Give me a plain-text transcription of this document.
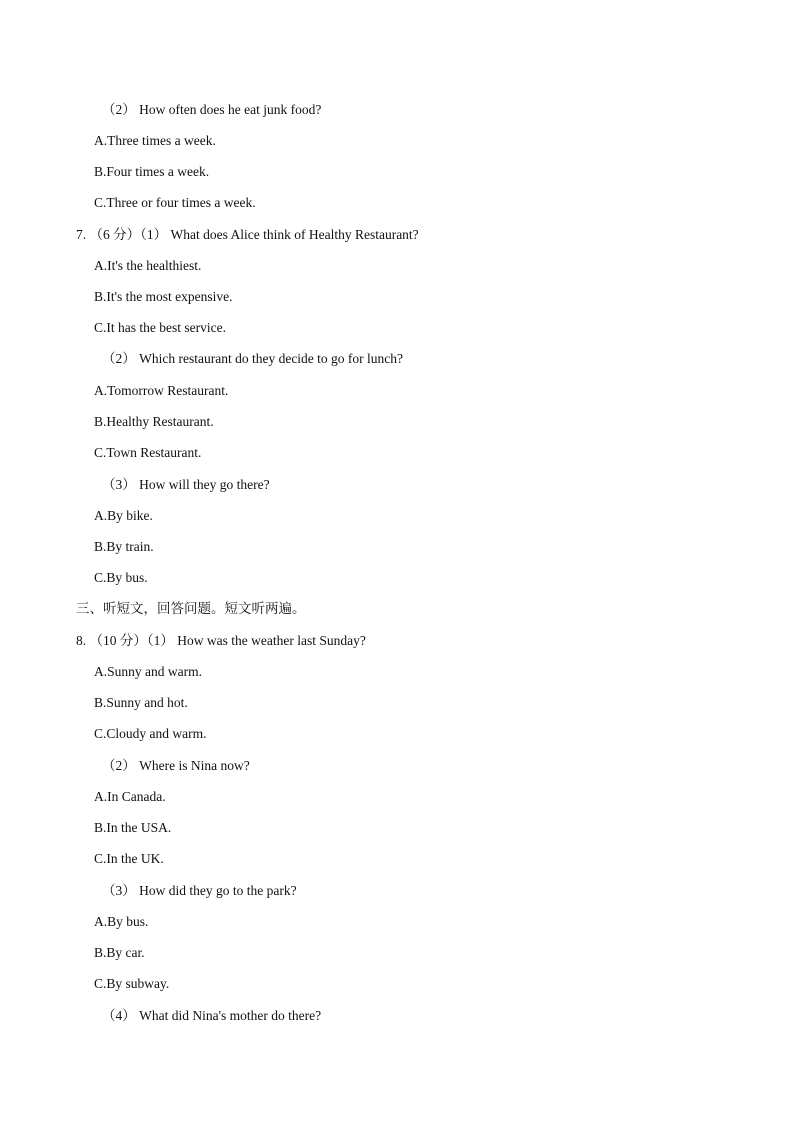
（2） How often does he eat junk food?
A.Three times a week.
B.Four times a week.
C.Three or four times a week.
7. （6 分）（1） What does Alice think of Healthy Restaurant?
A.It's the healthiest.
B.It's the most expensive.
C.It has the best service.
（2） Which restaurant do they decide to go for lunch?
A.Tomorrow Restaurant.
B.Healthy Restaurant.
C.Town Restaurant.
（3） How will they go there?
A.By bike.
B.By train.
C.By bus.
三、听短文，回答问题。短文听两遍。
8. （10 分）（1） How was the weather last Sunday?
A.Sunny and warm.
B.Sunny and hot.
C.Cloudy and warm.
（2） Where is Nina now?
A.In Canada.
B.In the USA.
C.In the UK.
（3） How did they go to the park?
A.By bus.
B.By car.
C.By subway.
（4） What did Nina's mother do there?
